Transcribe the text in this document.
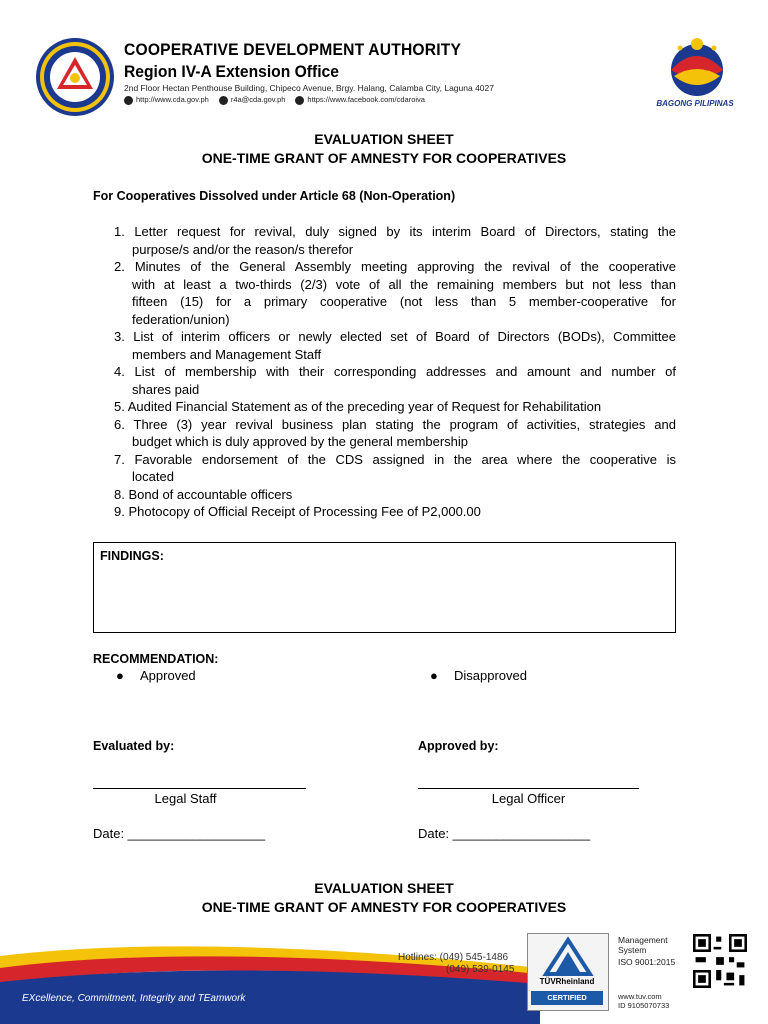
COOPERATIVE DEVELOPMENT AUTHORITY
Region IV-A Extension Office
2nd Floor Hectan Penthouse Building, Chipeco Avenue, Brgy. Halang, Calamba City, Laguna 4027
http://www.cda.gov.ph	r4a@cda.gov.ph	https://www.facebook.com/cdaroiva	BAGONG PILIPINAS
EVALUATION SHEET
ONE-TIME GRANT OF AMNESTY FOR COOPERATIVES
For Cooperatives Dissolved under Article 68 (Non-Operation)
1. Letter request for revival, duly signed by its interim Board of Directors, stating the
purpose/s and/or the reason/s therefor
2. Minutes of the General Assembly meeting approving the revival of the cooperative
with at least a two-thirds (2/3) vote of all the remaining members but not less than
fifteen (15) for a primary cooperative (not less than 5 member-cooperative for
federation/union)
3. List of interim officers or newly elected set of Board of Directors (BODs), Committee
members and Management Staff
4. List of membership with their corresponding addresses and amount and number of
shares paid
5. Audited Financial Statement as of the preceding year of Request for Rehabilitation
6. Three (3) year revival business plan stating the program of activities, strategies and
budget which is duly approved by the general membership
7. Favorable endorsement of the CDS assigned in the area where the cooperative is
located
8. Bond of accountable officers
9. Photocopy of Official Receipt of Processing Fee of P2,000.00
FINDINGS:
RECOMMENDATION:
● Approved	● Disapproved
Evaluated by:	Approved by:
Legal Staff	Legal Officer
Date: ___________________	Date: ___________________
EVALUATION SHEET
ONE-TIME GRANT OF AMNESTY FOR COOPERATIVES
EXcellence, Commitment, Integrity and TEamwork
Hotlines: (049) 545-1486
(049) 539-0145
TÜVRheinland
CERTIFIED
Management
System
ISO 9001:2015
www.tuv.com
ID 9105070733
